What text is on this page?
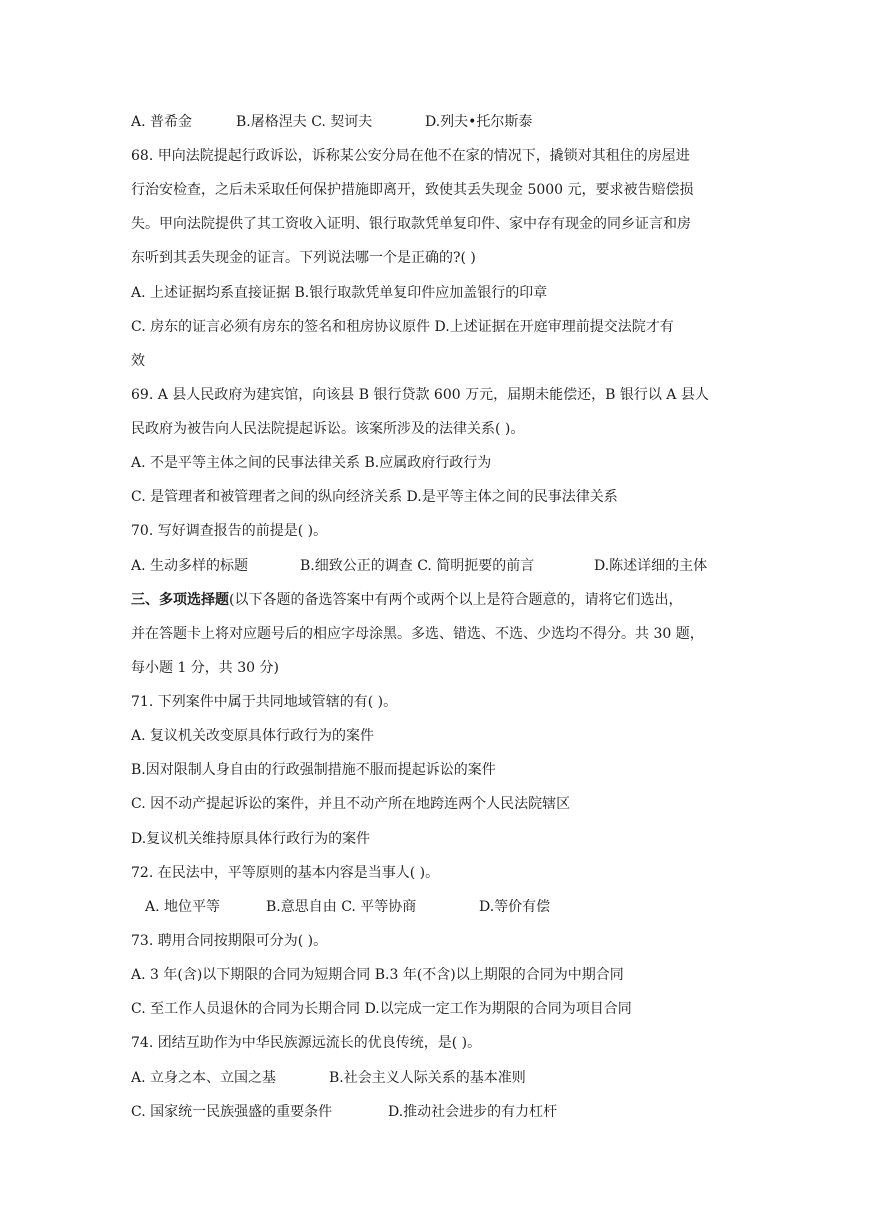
A. 普希金	B.屠格涅夫 C. 契诃夫	D.列夫•托尔斯泰
68. 甲向法院提起行政诉讼，诉称某公安分局在他不在家的情况下，撬锁对其租住的房屋进
行治安检查，之后未采取任何保护措施即离开，致使其丢失现金 5000 元，要求被告赔偿损
失。甲向法院提供了其工资收入证明、银行取款凭单复印件、家中存有现金的同乡证言和房
东听到其丢失现金的证言。下列说法哪一个是正确的?( )
A. 上述证据均系直接证据 B.银行取款凭单复印件应加盖银行的印章
C. 房东的证言必须有房东的签名和租房协议原件 D.上述证据在开庭审理前提交法院才有
效
69. A 县人民政府为建宾馆，向该县 B 银行贷款 600 万元，届期未能偿还，B 银行以 A 县人
民政府为被告向人民法院提起诉讼。该案所涉及的法律关系( )。
A. 不是平等主体之间的民事法律关系 B.应属政府行政行为
C. 是管理者和被管理者之间的纵向经济关系 D.是平等主体之间的民事法律关系
70. 写好调查报告的前提是( )。
A. 生动多样的标题	B.细致公正的调查 C. 简明扼要的前言	D.陈述详细的主体
三、多项选择题(以下各题的备选答案中有两个或两个以上是符合题意的，请将它们选出，
并在答题卡上将对应题号后的相应字母涂黑。多选、错选、不选、少选均不得分。共 30 题，
每小题 1 分，共 30 分)
71. 下列案件中属于共同地域管辖的有( )。
A. 复议机关改变原具体行政行为的案件
B.因对限制人身自由的行政强制措施不服而提起诉讼的案件
C. 因不动产提起诉讼的案件，并且不动产所在地跨连两个人民法院辖区
D.复议机关维持原具体行政行为的案件
72. 在民法中，平等原则的基本内容是当事人( )。
A. 地位平等	B.意思自由 C. 平等协商	D.等价有偿
73. 聘用合同按期限可分为( )。
A. 3 年(含)以下期限的合同为短期合同 B.3 年(不含)以上期限的合同为中期合同
C. 至工作人员退休的合同为长期合同 D.以完成一定工作为期限的合同为项目合同
74. 团结互助作为中华民族源远流长的优良传统，是( )。
A. 立身之本、立国之基	B.社会主义人际关系的基本准则
C. 国家统一民族强盛的重要条件	D.推动社会进步的有力杠杆
